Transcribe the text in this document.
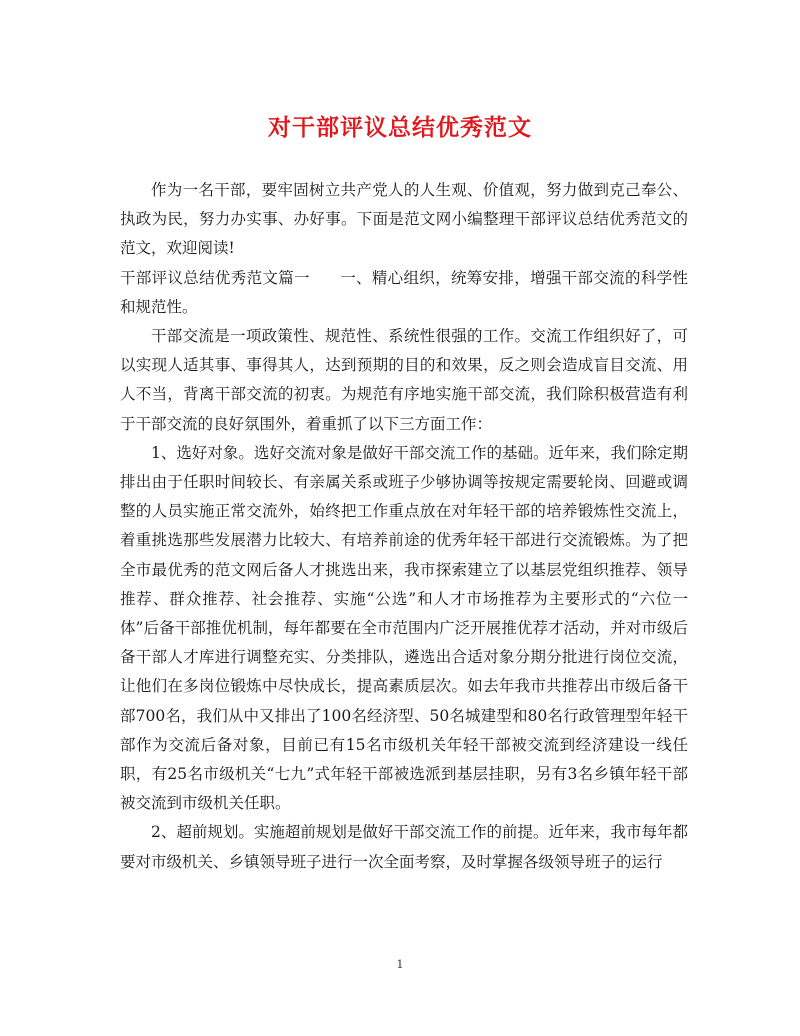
对干部评议总结优秀范文

作为一名干部，要牢固树立共产党人的人生观、价值观，努力做到克己奉公、执政为民，努力办实事、办好事。下面是范文网小编整理干部评议总结优秀范文的范文，欢迎阅读!

干部评议总结优秀范文篇一 一、精心组织，统筹安排，增强干部交流的科学性和规范性。

干部交流是一项政策性、规范性、系统性很强的工作。交流工作组织好了，可以实现人适其事、事得其人，达到预期的目的和效果，反之则会造成盲目交流、用人不当，背离干部交流的初衷。为规范有序地实施干部交流，我们除积极营造有利于干部交流的良好氛围外，着重抓了以下三方面工作：

1、选好对象。选好交流对象是做好干部交流工作的基础。近年来，我们除定期排出由于任职时间较长、有亲属关系或班子少够协调等按规定需要轮岗、回避或调整的人员实施正常交流外，始终把工作重点放在对年轻干部的培养锻炼性交流上，着重挑选那些发展潜力比较大、有培养前途的优秀年轻干部进行交流锻炼。为了把全市最优秀的范文网后备人才挑选出来，我市探索建立了以基层党组织推荐、领导推荐、群众推荐、社会推荐、实施“公选”和人才市场推荐为主要形式的“六位一体”后备干部推优机制，每年都要在全市范围内广泛开展推优荐才活动，并对市级后备干部人才库进行调整充实、分类排队，遴选出合适对象分期分批进行岗位交流，让他们在多岗位锻炼中尽快成长，提高素质层次。如去年我市共推荐出市级后备干部700名，我们从中又排出了100名经济型、50名城建型和80名行政管理型年轻干部作为交流后备对象，目前已有15名市级机关年轻干部被交流到经济建设一线任职，有25名市级机关“七九”式年轻干部被选派到基层挂职，另有3名乡镇年轻干部被交流到市级机关任职。

2、超前规划。实施超前规划是做好干部交流工作的前提。近年来，我市每年都要对市级机关、乡镇领导班子进行一次全面考察，及时掌握各级领导班子的运行

1
